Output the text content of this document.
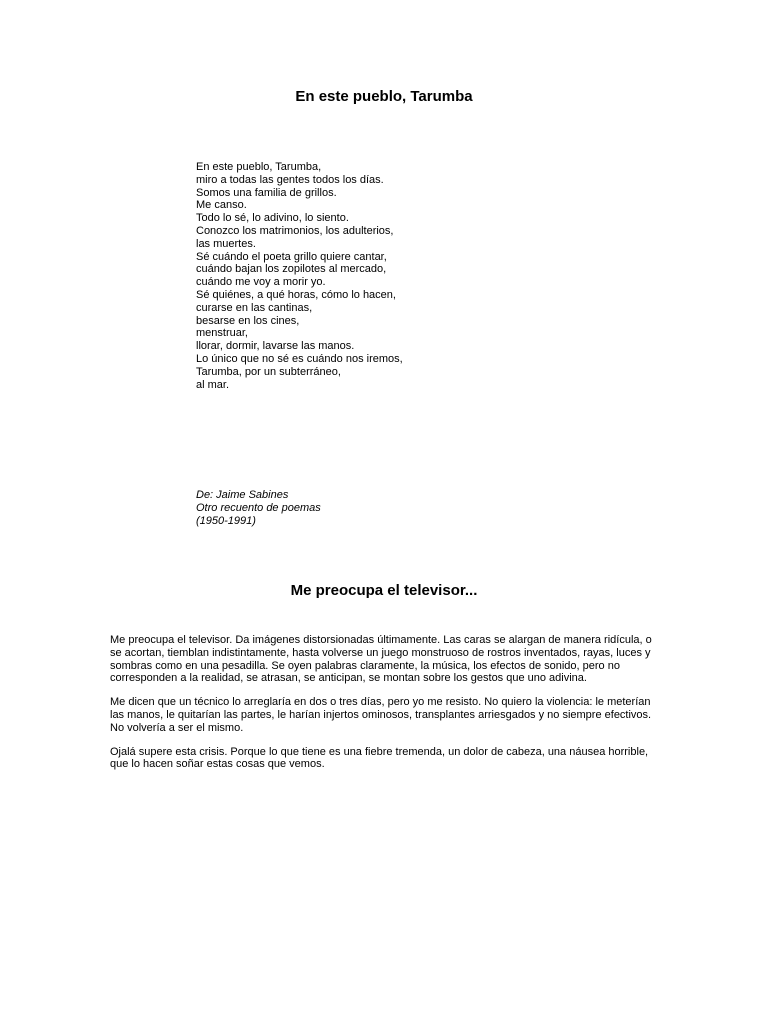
En este pueblo, Tarumba
En este pueblo, Tarumba,
miro a todas las gentes todos los días.
Somos una familia de grillos.
Me canso.
Todo lo sé, lo adivino, lo siento.
Conozco los matrimonios, los adulterios,
las muertes.
Sé cuándo el poeta grillo quiere cantar,
cuándo bajan los zopilotes al mercado,
cuándo me voy a morir yo.
Sé quiénes, a qué horas, cómo lo hacen,
curarse en las cantinas,
besarse en los cines,
menstruar,
llorar, dormir, lavarse las manos.
Lo único que no sé es cuándo nos iremos,
Tarumba, por un subterráneo,
al mar.
De: Jaime Sabines
Otro recuento de poemas
(1950-1991)
Me preocupa el televisor...

Me preocupa el televisor. Da imágenes distorsionadas últimamente. Las caras se alargan de manera ridícula, o se acortan, tiemblan indistintamente, hasta volverse un juego monstruoso de rostros inventados, rayas, luces y sombras como en una pesadilla. Se oyen palabras claramente, la música, los efectos de sonido, pero no corresponden a la realidad, se atrasan, se anticipan, se montan sobre los gestos que uno adivina.

Me dicen que un técnico lo arreglaría en dos o tres días, pero yo me resisto. No quiero la violencia: le meterían las manos, le quitarían las partes, le harían injertos ominosos, transplantes arriesgados y no siempre efectivos. No volvería a ser el mismo.

Ojalá supere esta crisis. Porque lo que tiene es una fiebre tremenda, un dolor de cabeza, una náusea horrible, que lo hacen soñar estas cosas que vemos.
